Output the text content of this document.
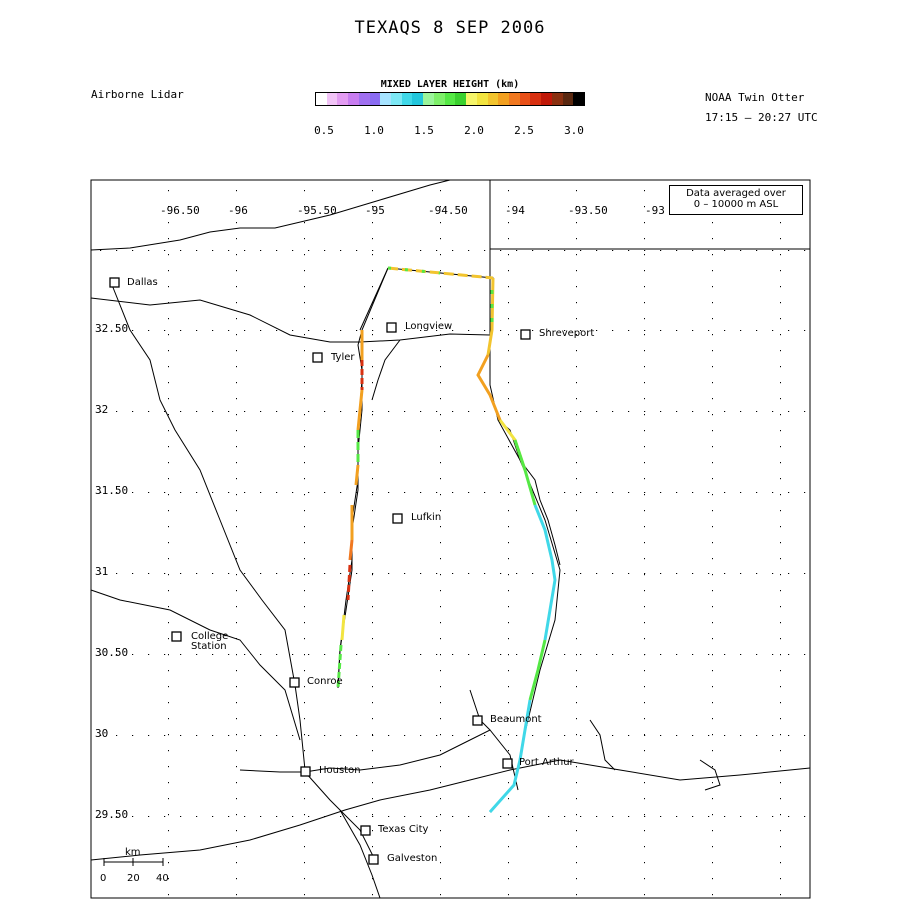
TEXAQS 8 SEP 2006
Airborne Lidar	NOAA Twin Otter
17:15 – 20:27 UTC
MIXED LAYER HEIGHT (km)
0.5	1.0	1.5	2.0	2.5	3.0
-96.50	-96	-95.50	-95	-94.50	-94	-93.50	-93
32.50
32
31.50
31
30.50
30
29.50
Dallas
Longview
Shreveport
Tyler
Lufkin
College
Station
Conroe
Beaumont
Port Arthur
Houston
Texas City
Galveston
km
0 20 40
Data averaged over
0 – 10000 m ASL
